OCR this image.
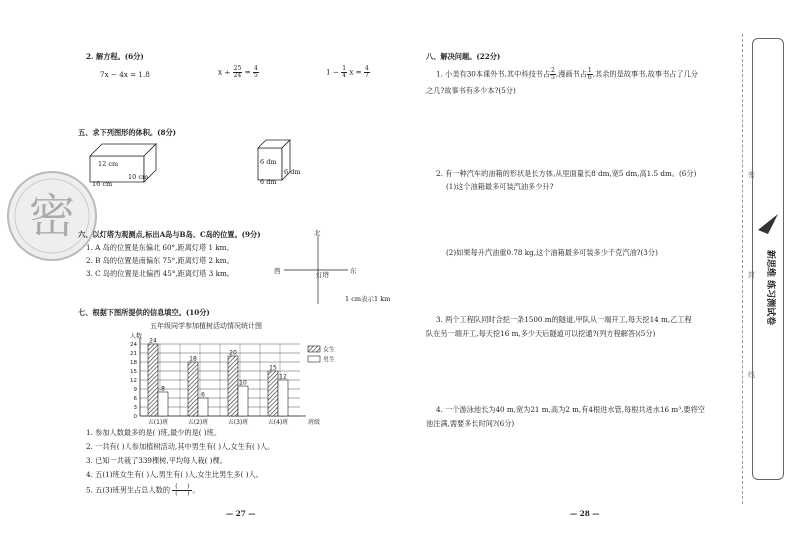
密
2. 解方程。(6分)
7x − 4x = 1.8	$x \div \frac{25}{24} = \frac{4}{5}$	$1 - \frac{1}{4}$ $x = \frac{4}{7}$
五、求下列图形的体积。(8分)
12 cm
16 cm
10 cm
6 dm
6 dm
6 dm
六、以灯塔为观测点,标出A岛与B岛、C岛的位置。(9分)
1. A 岛的位置是东偏北 60°,距离灯塔 1 km。
2. B 岛的位置是南偏东 75°,距离灯塔 2 km。
3. C 岛的位置是北偏西 45°,距离灯塔 3 km。
北
西	东
灯塔
1 cm表示1 km
七、根据下图所提供的信息填空。(10分)
五年级同学参加植树活动情况统计图
0
3
6
9
12
15
18
21
24
人数
班级
24
8
五(1)班
18
6
五(2)班
20
10
五(3)班
15
12
五(4)班
女生
男生
1. 参加人数最多的是( )班,最少的是( )班。
2. 一共有( )人参加植树活动,其中男生有( )人,女生有( )人。
3. 已知一共栽了339棵树,平均每人栽( )棵。
4. 五(1)班女生有( )人,男生有( )人,女生比男生多( )人。
5. 五(3)班男生占总人数的 (     )
(     ) 。
— 27 —
八、解决问题。(22分)
1. 小美有30本课外书,其中科技书占 $\frac{2}{5}$ ,漫画书占 $\frac{1}{6}$ ,其余的是故事书,故事书占了几分
之几?故事书有多少本?(5分)
2. 有一种汽车的油箱的形状是长方体,从里面量长8 dm,宽5 dm,高1.5 dm。(6分)
(1)这个油箱最多可装汽油多少升?
(2)如果每升汽油重0.78 kg,这个油箱最多可装多少千克汽油?(3分)
3. 两个工程队同时合挖一条1500 m的隧道,甲队从一端开工,每天挖14 m,乙工程
队在另一端开工,每天挖16 m,多少天后隧道可以挖通?(列方程解答)(5分)
4. 一个游泳池长为40 m,宽为21 m,高为2 m,有4根进水管,每根共进水16 m³,要将空
池注满,需要多长时间?(6分)
— 28 —
密
封
线
新思维 练习测试卷
